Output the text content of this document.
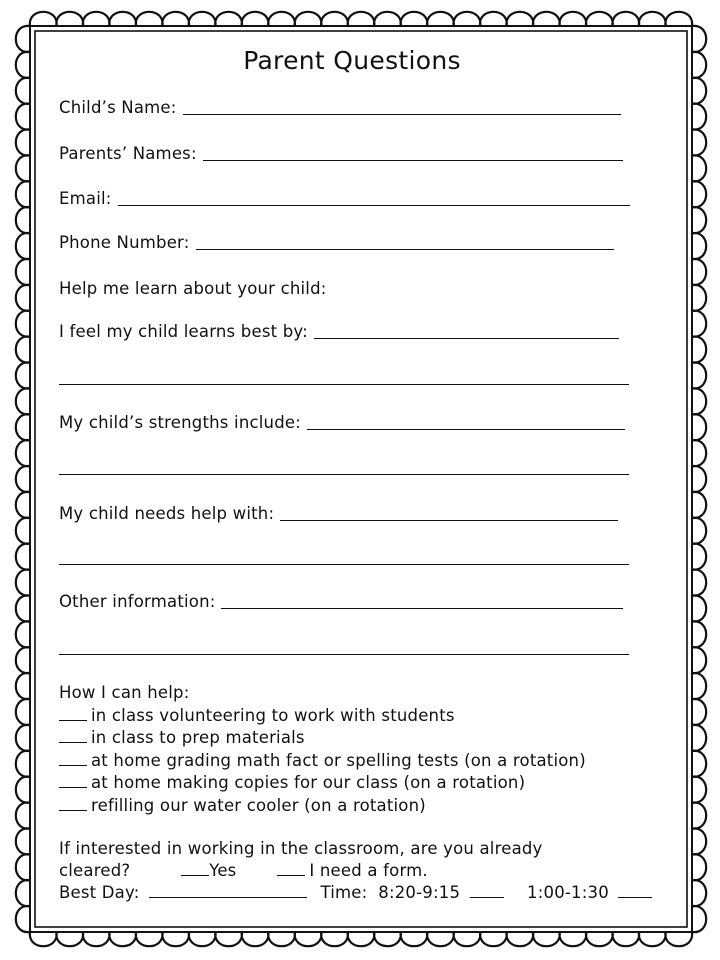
Parent Questions
Child’s Name:
Parents’ Names:
Email:
Phone Number:
Help me learn about your child:
I feel my child learns best by:
My child’s strengths include:
My child needs help with:
Other information:
How I can help:
in class volunteering to work with students
in class to prep materials
at home grading math fact or spelling tests (on a rotation)
at home making copies for our class (on a rotation)
refilling our water cooler (on a rotation)
If interested in working in the classroom, are you already
cleared?	Yes	I need a form.
Best Day:	Time: 8:20-9:15	1:00-1:30
